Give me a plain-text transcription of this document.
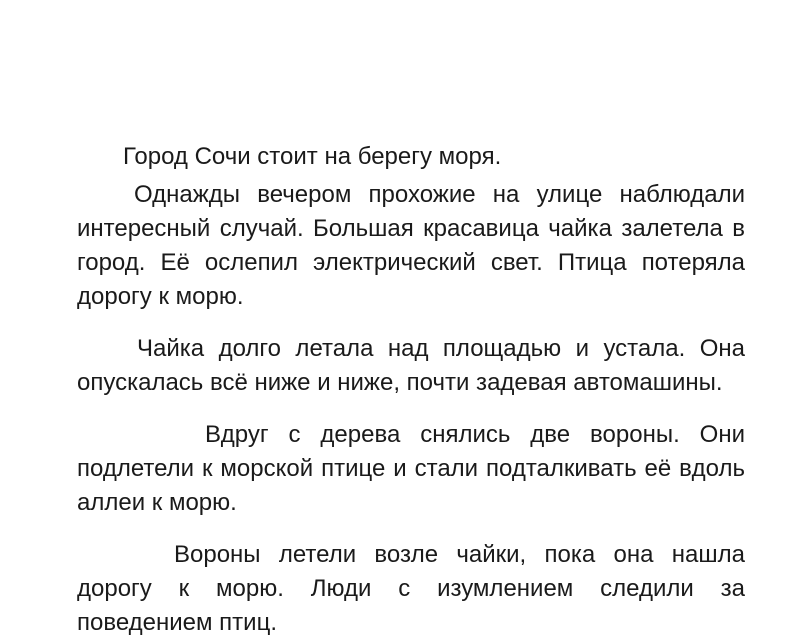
Город Сочи стоит на берегу моря.

Однажды вечером прохожие на улице наблюдали интересный случай. Большая красавица чайка залетела в город. Её ослепил электрический свет. Птица потеряла дорогу к морю.

Чайка долго летала над площадью и устала. Она опускалась всё ниже и ниже, почти задевая автомашины.

Вдруг с дерева снялись две вороны. Они подлетели к морской птице и стали подталкивать её вдоль аллеи к морю.

Вороны летели возле чайки, пока она нашла дорогу к морю. Люди с изумлением следили за поведением птиц.
